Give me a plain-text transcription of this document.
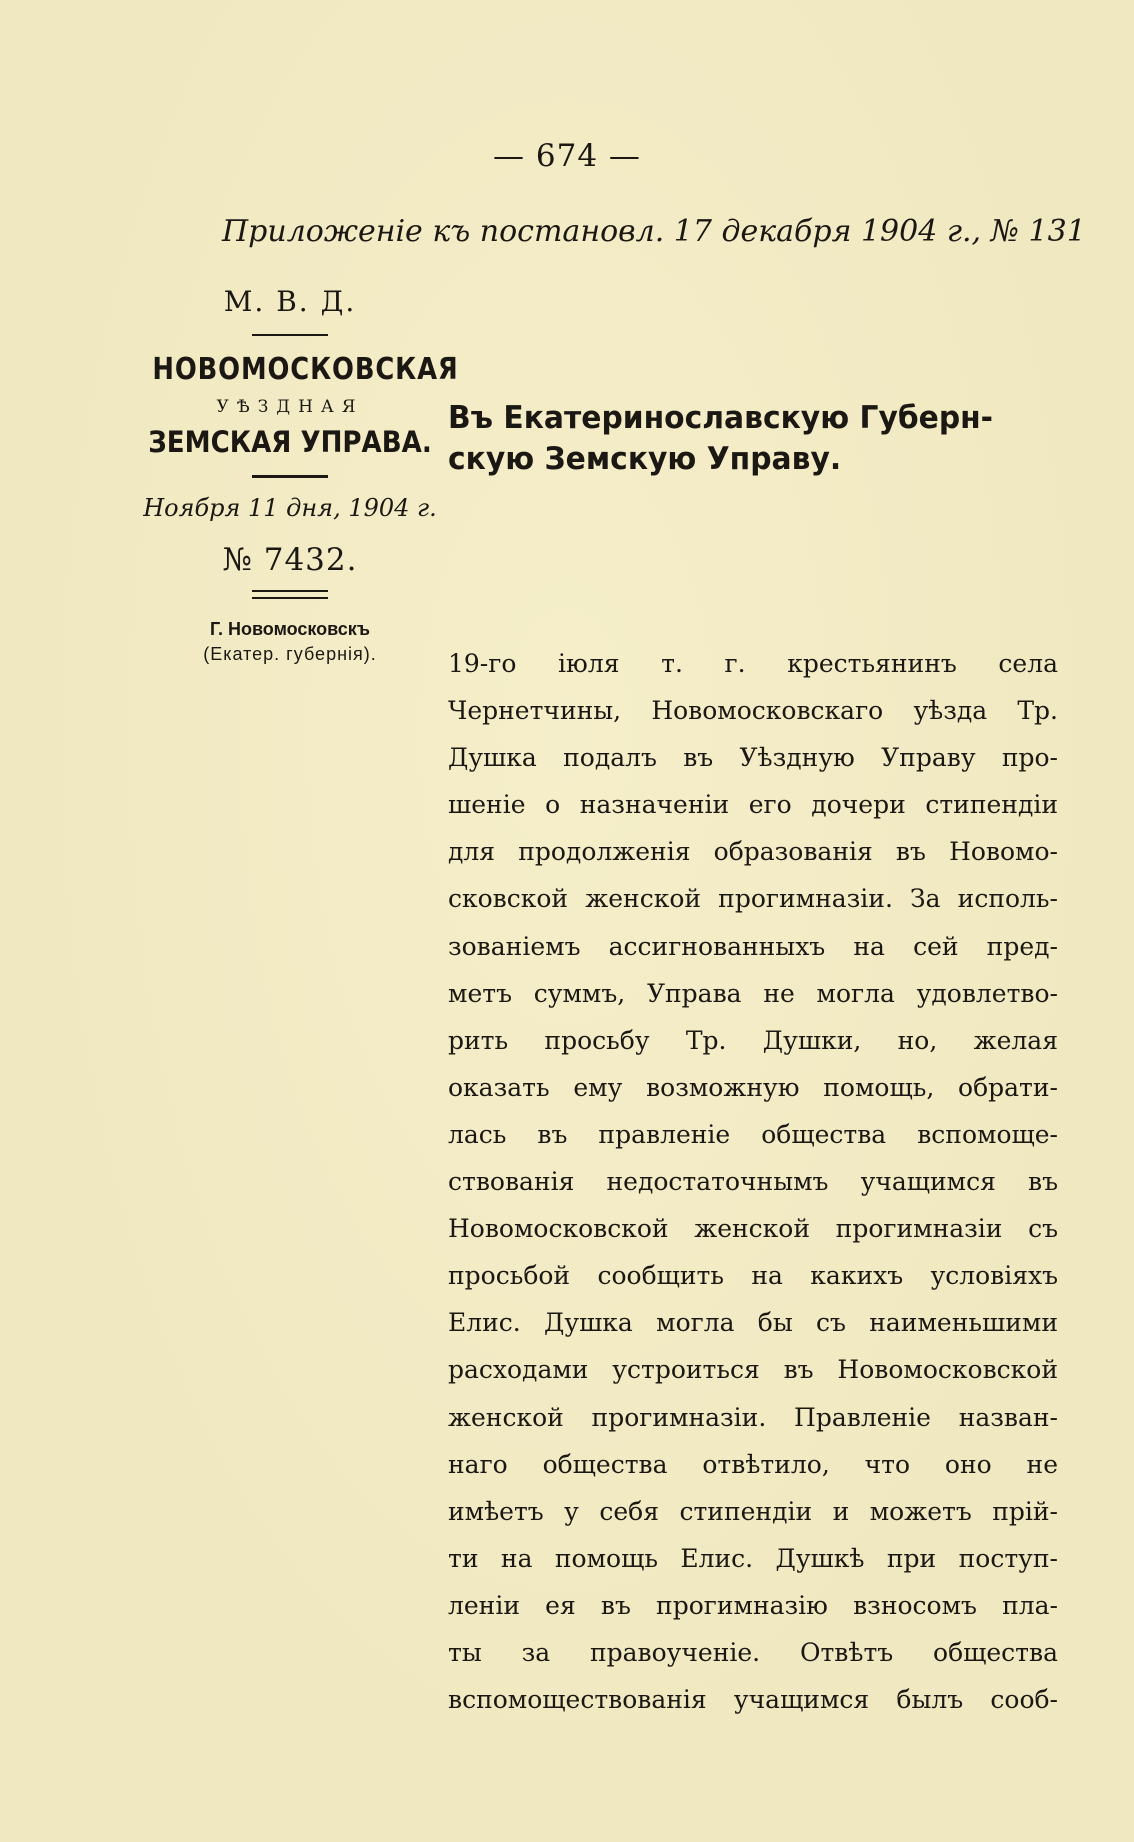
— 674 —
Приложеніе къ постановл. 17 декабря 1904 г., № 131
М. В. Д.
НОВОМОСКОВСКАЯ
УѢЗДНАЯ
ЗЕМСКАЯ УПРАВА.
Ноября 11 дня, 1904 г.
№ 7432.
Г. Новомосковскъ
(Екатер. губернія).
Въ Екатеринославскую Губерн-
скую Земскую Управу.
19-го іюля т. г. крестьянинъ села
Чернетчины, Новомосковскаго уѣзда Тр.
Душка подалъ въ Уѣздную Управу про-
шеніе о назначеніи его дочери стипендіи
для продолженія образованія въ Новомо-
сковской женской прогимназіи. За исполь-
зованіемъ ассигнованныхъ на сей пред-
метъ суммъ, Управа не могла удовлетво-
рить просьбу Тр. Душки, но, желая
оказать ему возможную помощь, обрати-
лась въ правленіе общества вспомоще-
ствованія недостаточнымъ учащимся въ
Новомосковской женской прогимназіи съ
просьбой сообщить на какихъ условіяхъ
Елис. Душка могла бы съ наименьшими
расходами устроиться въ Новомосковской
женской прогимназіи. Правленіе назван-
наго общества отвѣтило, что оно не
имѣетъ у себя стипендіи и можетъ прій-
ти на помощь Елис. Душкѣ при поступ-
леніи ея въ прогимназію взносомъ пла-
ты за правоученіе. Отвѣтъ общества
вспомоществованія учащимся былъ сооб-
